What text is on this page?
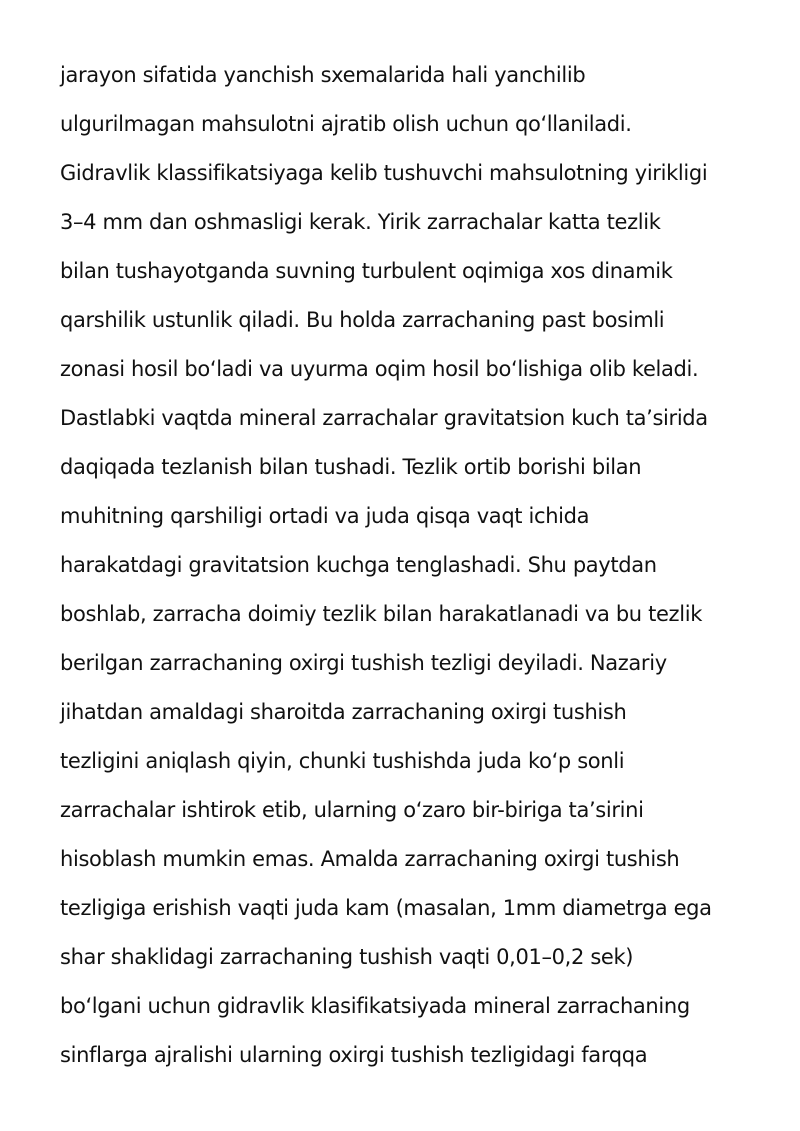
jarayon sifatida yanchish sxemalarida hali yanchilib
ulgurilmagan mahsulotni ajratib olish uchun qo‘llaniladi.
Gidravlik klassifikatsiyaga kelib tushuvchi mahsulotning yirikligi
3–4 mm dan oshmasligi kerak. Yirik zarrachalar katta tezlik
bilan tushayotganda suvning turbulent oqimiga xos dinamik
qarshilik ustunlik qiladi. Bu holda zarrachaning past bosimli
zonasi hosil bo‘ladi va uyurma oqim hosil bo‘lishiga olib keladi.
Dastlabki vaqtda mineral zarrachalar gravitatsion kuch ta’sirida
daqiqada tezlanish bilan tushadi. Tezlik ortib borishi bilan
muhitning qarshiligi ortadi va juda qisqa vaqt ichida
harakatdagi gravitatsion kuchga tenglashadi. Shu paytdan
boshlab, zarracha doimiy tezlik bilan harakatlanadi va bu tezlik
berilgan zarrachaning oxirgi tushish tezligi deyiladi. Nazariy
jihatdan amaldagi sharoitda zarrachaning oxirgi tushish
tezligini aniqlash qiyin, chunki tushishda juda ko‘p sonli
zarrachalar ishtirok etib, ularning o‘zaro bir-biriga ta’sirini
hisoblash mumkin emas. Amalda zarrachaning oxirgi tushish
tezligiga erishish vaqti juda kam (masalan, 1mm diametrga ega
shar shaklidagi zarrachaning tushish vaqti 0,01–0,2 sek)
bo‘lgani uchun gidravlik klasifikatsiyada mineral zarrachaning
sinflarga ajralishi ularning oxirgi tushish tezligidagi farqqa
